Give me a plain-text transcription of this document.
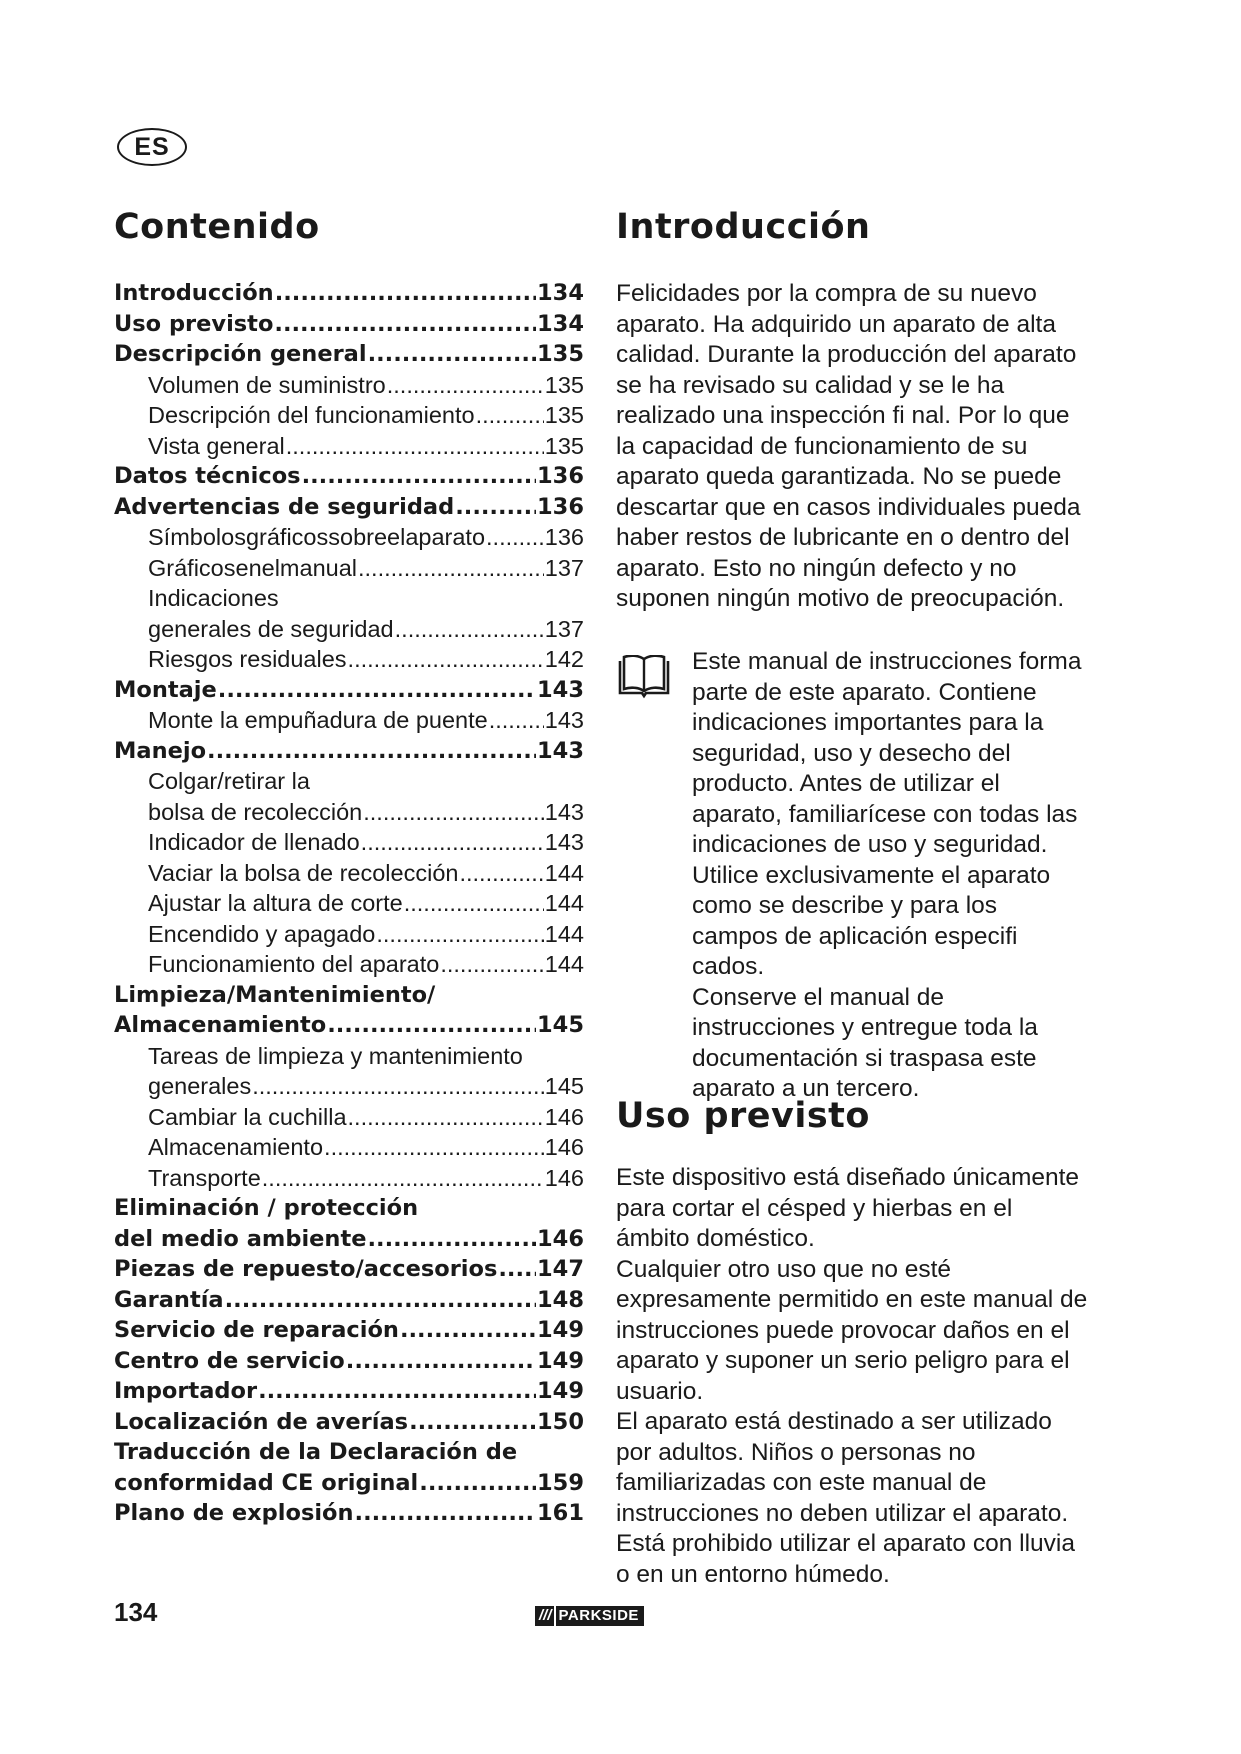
ES
Contenido
Introducción .....	134
Uso previsto .....	134
Descripción general .....	135
Volumen de suministro .....	135
Descripción del funcionamiento .....	135
Vista general .....	135
Datos técnicos .....	136
Advertencias de seguridad .....	136
Símbolosgráficossobreelaparato .....	136
Gráficosenelmanual .....	137
Indicaciones
generales de seguridad .....	137
Riesgos residuales .....	142
Montaje .....	143
Monte la empuñadura de puente ..... 143
Manejo .....	143
Colgar/retirar la
bolsa de recolección .....	143
Indicador de llenado .....	143
Vaciar la bolsa de recolección .....	144
Ajustar la altura de corte .....	144
Encendido y apagado .....	144
Funcionamiento del aparato .....	144
Limpieza/Mantenimiento/
Almacenamiento .....	145
Tareas de limpieza y mantenimiento
generales .....	145
Cambiar la cuchilla .....	146
Almacenamiento .....	146
Transporte .....	146
Eliminación / protección
del medio ambiente .....	146
Piezas de repuesto/accesorios ..... 147
Garantía .....	148
Servicio de reparación .....	149
Centro de servicio .....	149
Importador .....	149
Localización de averías .....	150
Traducción de la Declaración de
conformidad CE original .....	159
Plano de explosión .....	161
Introducción

Felicidades por la compra de su nuevo aparato. Ha adquirido un aparato de alta calidad. Durante la producción del aparato se ha revisado su calidad y se le ha realizado una inspección fi nal. Por lo que la capacidad de funcionamiento de su aparato queda garantizada. No se puede descartar que en casos individuales pueda haber restos de lubricante en o dentro del aparato. Esto no ningún defecto y no suponen ningún motivo de preocupación.

Este manual de instrucciones forma parte de este aparato. Contiene indicaciones importantes para la seguridad, uso y desecho del producto. Antes de utilizar el aparato, familiarícese con todas las indicaciones de uso y seguridad. Utilice exclusivamente el aparato como se describe y para los campos de aplicación especifi cados.

Conserve el manual de instrucciones y entregue toda la documentación si traspasa este aparato a un tercero.

Uso previsto

Este dispositivo está diseñado únicamente para cortar el césped y hierbas en el ámbito doméstico.

Cualquier otro uso que no esté expresamente permitido en este manual de instrucciones puede provocar daños en el aparato y suponer un serio peligro para el usuario.

El aparato está destinado a ser utilizado por adultos. Niños o personas no familiarizadas con este manual de instrucciones no deben utilizar el aparato.

Está prohibido utilizar el aparato con lluvia o en un entorno húmedo.

134	/// PARKSIDE
